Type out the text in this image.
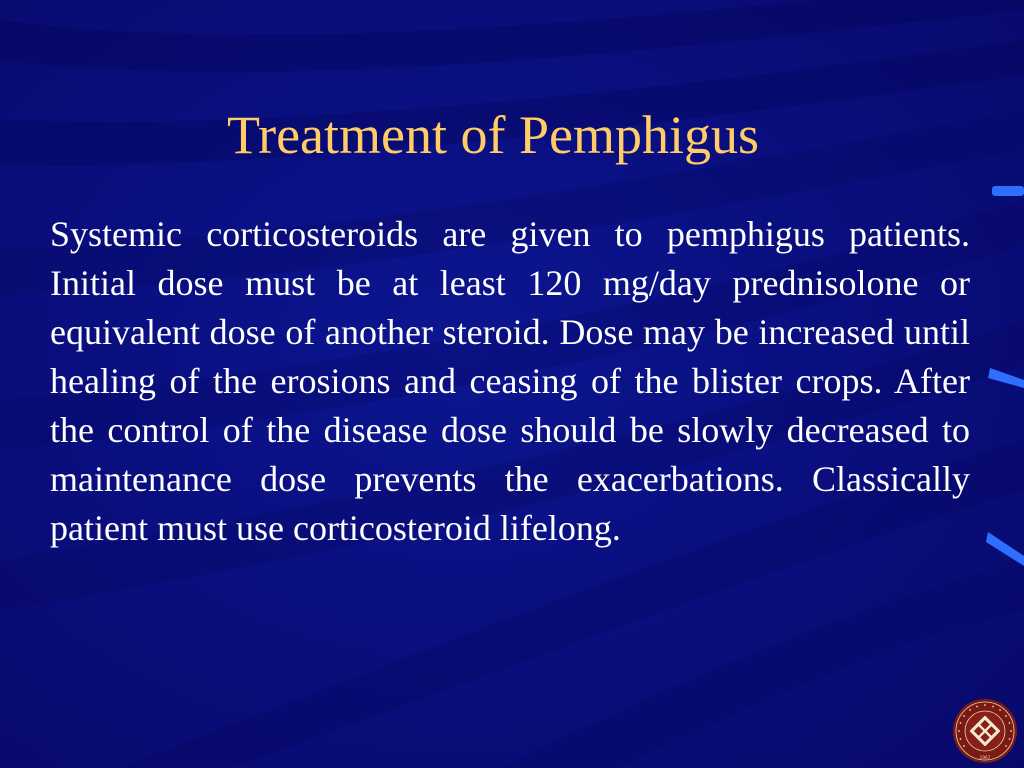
Treatment of Pemphigus

Systemic corticosteroids are given to pemphigus patients. Initial dose must be at least 120 mg/day prednisolone or equivalent dose of another steroid. Dose may be increased until healing of the erosions and ceasing of the blister crops. After the control of the disease dose should be slowly decreased to maintenance dose prevents the exacerbations. Classically patient must use corticosteroid lifelong.

1967
